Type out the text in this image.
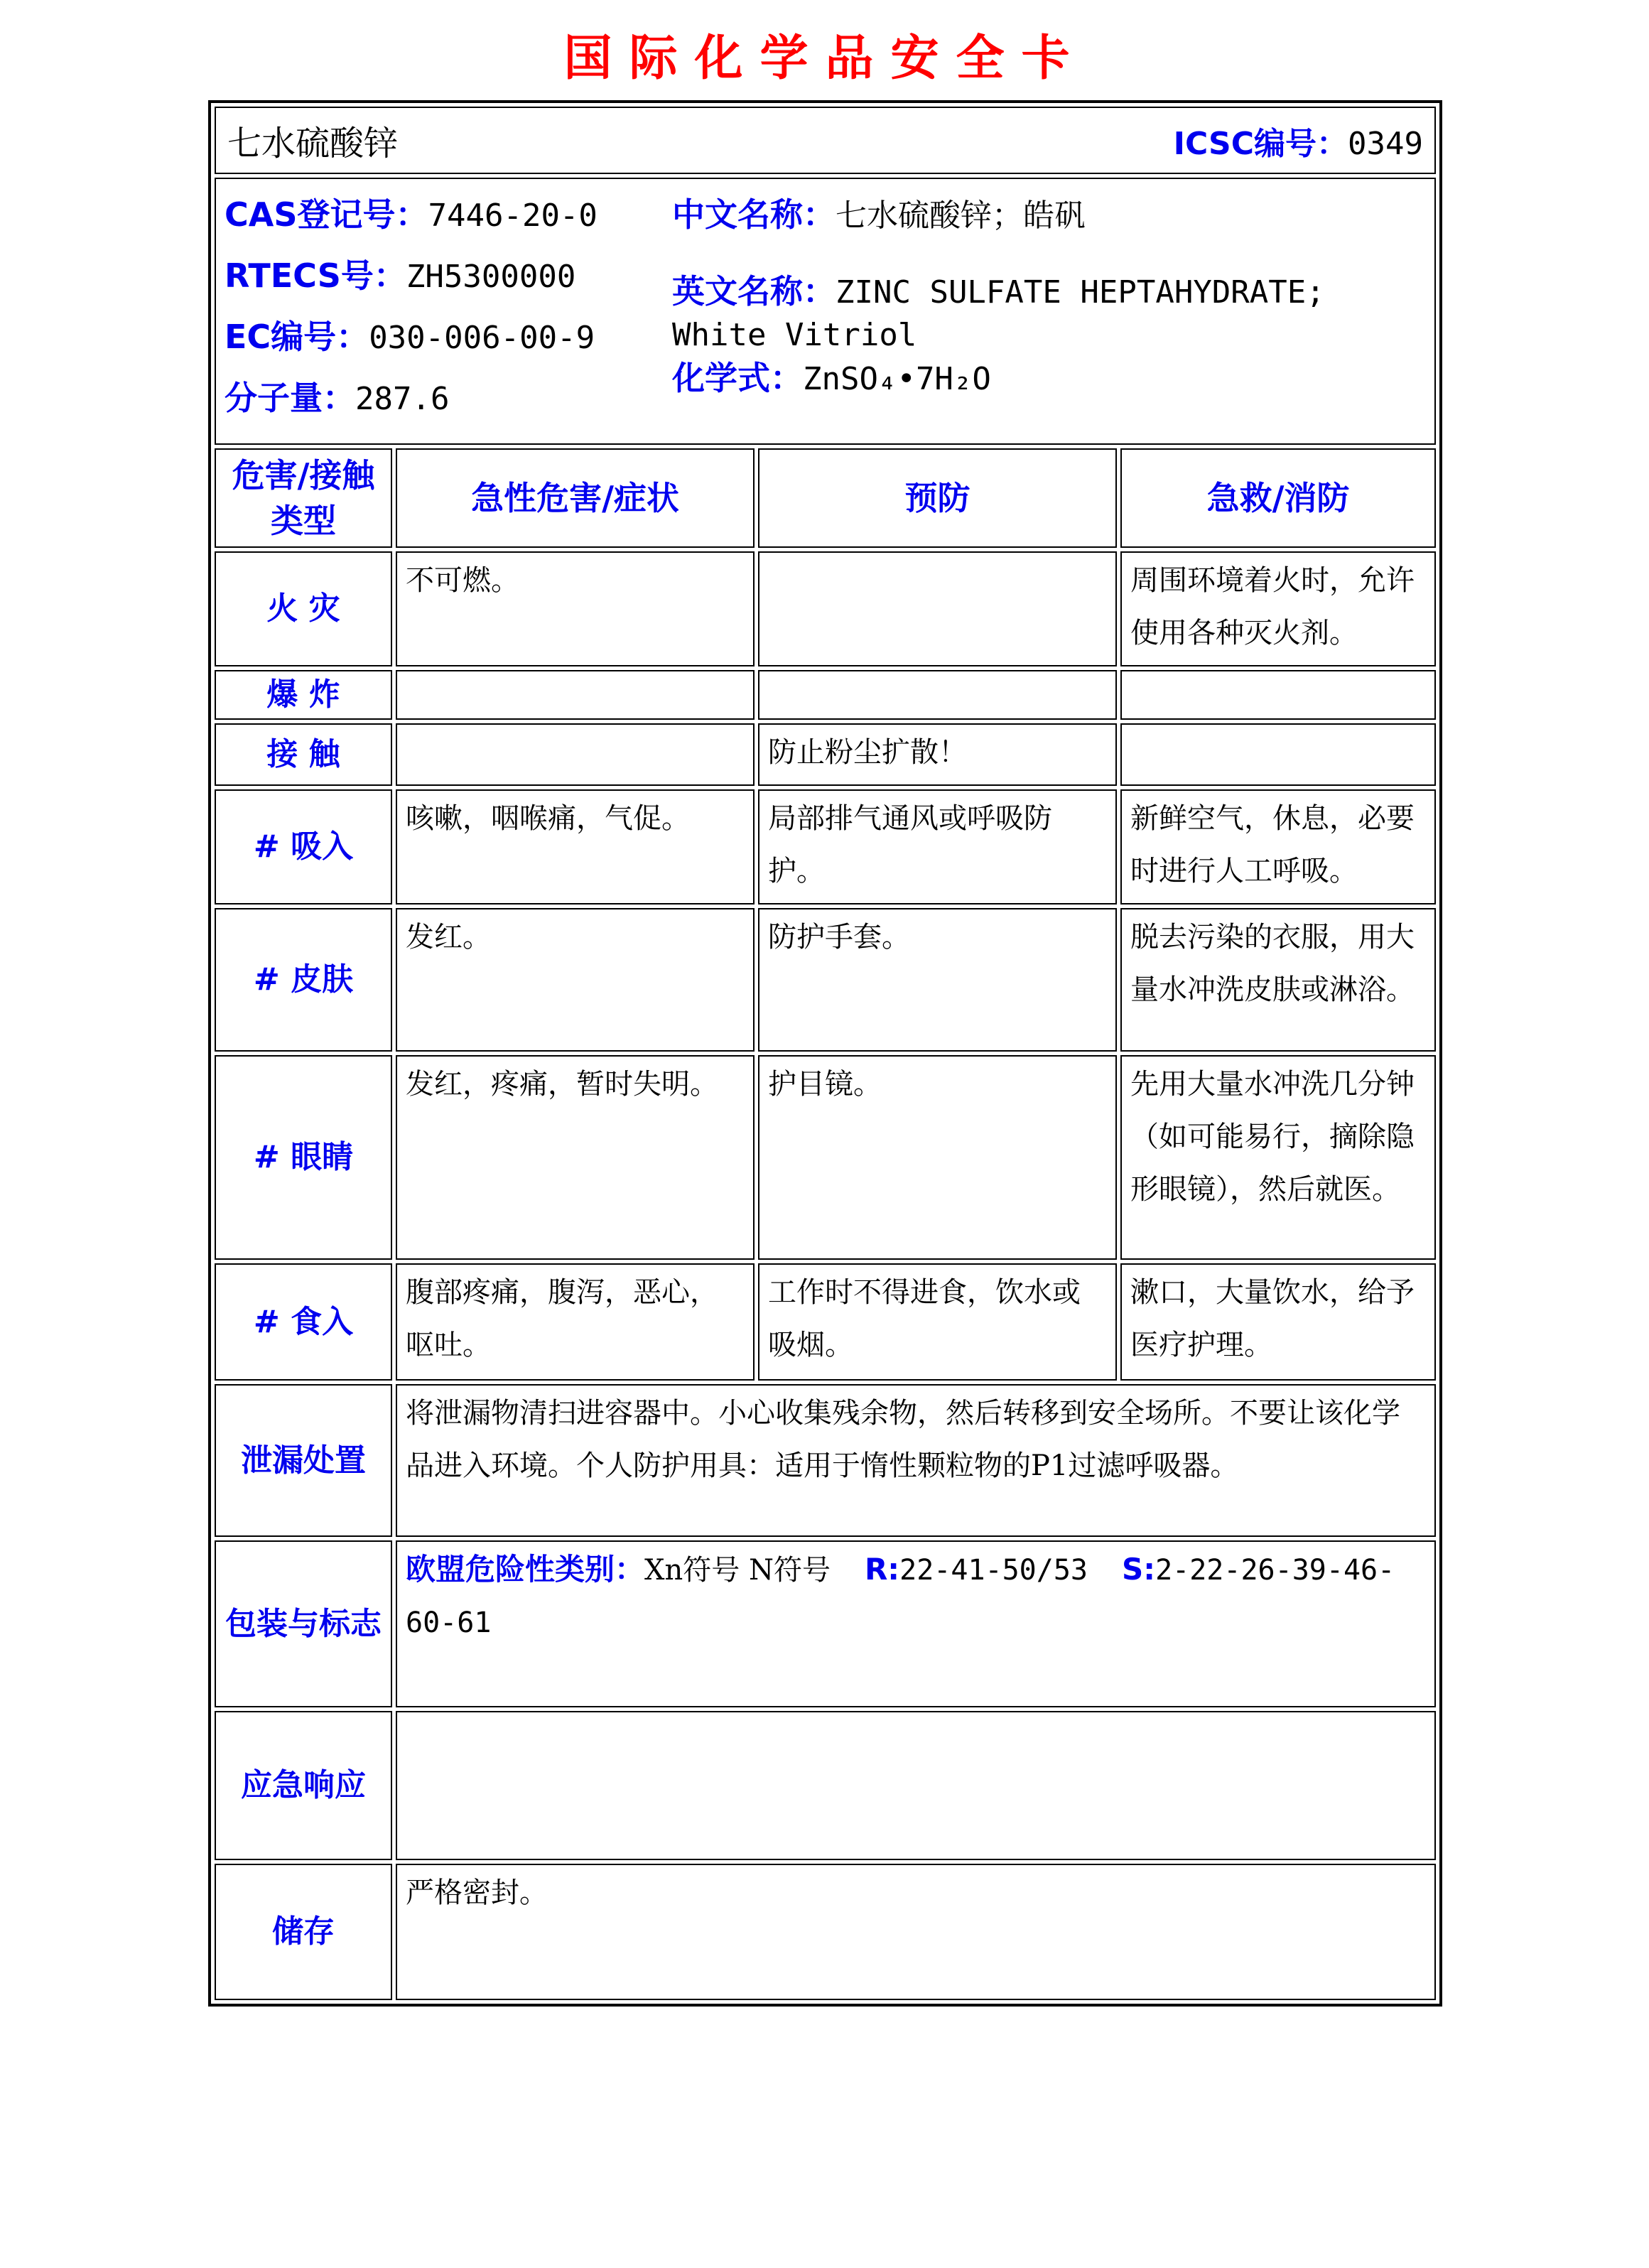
国际化学品安全卡
七水硫酸锌 ICSC编号：0349			

CAS登记号：7446-20-0

RTECS号：ZH5300000

EC编号：030-006-00-9

分子量：287.6

中文名称：七水硫酸锌；皓矾

英文名称：ZINC SULFATE HEPTAHYDRATE; White Vitriol

化学式：ZnSO₄•7H₂O

危害/接触 类型	急性危害/症状	预防	急救/消防
火 灾	不可燃。		周围环境着火时，允许使用各种灭火剂。
爆 炸			
接 触		防止粉尘扩散！	
# 吸入	咳嗽，咽喉痛，气促。	局部排气通风或呼吸防护。	新鲜空气，休息，必要时进行人工呼吸。
# 皮肤	发红。	防护手套。	脱去污染的衣服，用大量水冲洗皮肤或淋浴。
# 眼睛	发红，疼痛，暂时失明。	护目镜。	先用大量水冲洗几分钟（如可能易行，摘除隐形眼镜），然后就医。
# 食入	腹部疼痛，腹泻，恶心，呕吐。	工作时不得进食，饮水或吸烟。	漱口，大量饮水，给予医疗护理。
泄漏处置	将泄漏物清扫进容器中。小心收集残余物，然后转移到安全场所。不要让该化学品进入环境。个人防护用具：适用于惰性颗粒物的P1过滤呼吸器。		
包装与标志	欧盟危险性类别：Xn符号 N符号 R:22-41-50/53 S:2-22-26-39-46-60-61		
应急响应			
储存	严格密封。		
